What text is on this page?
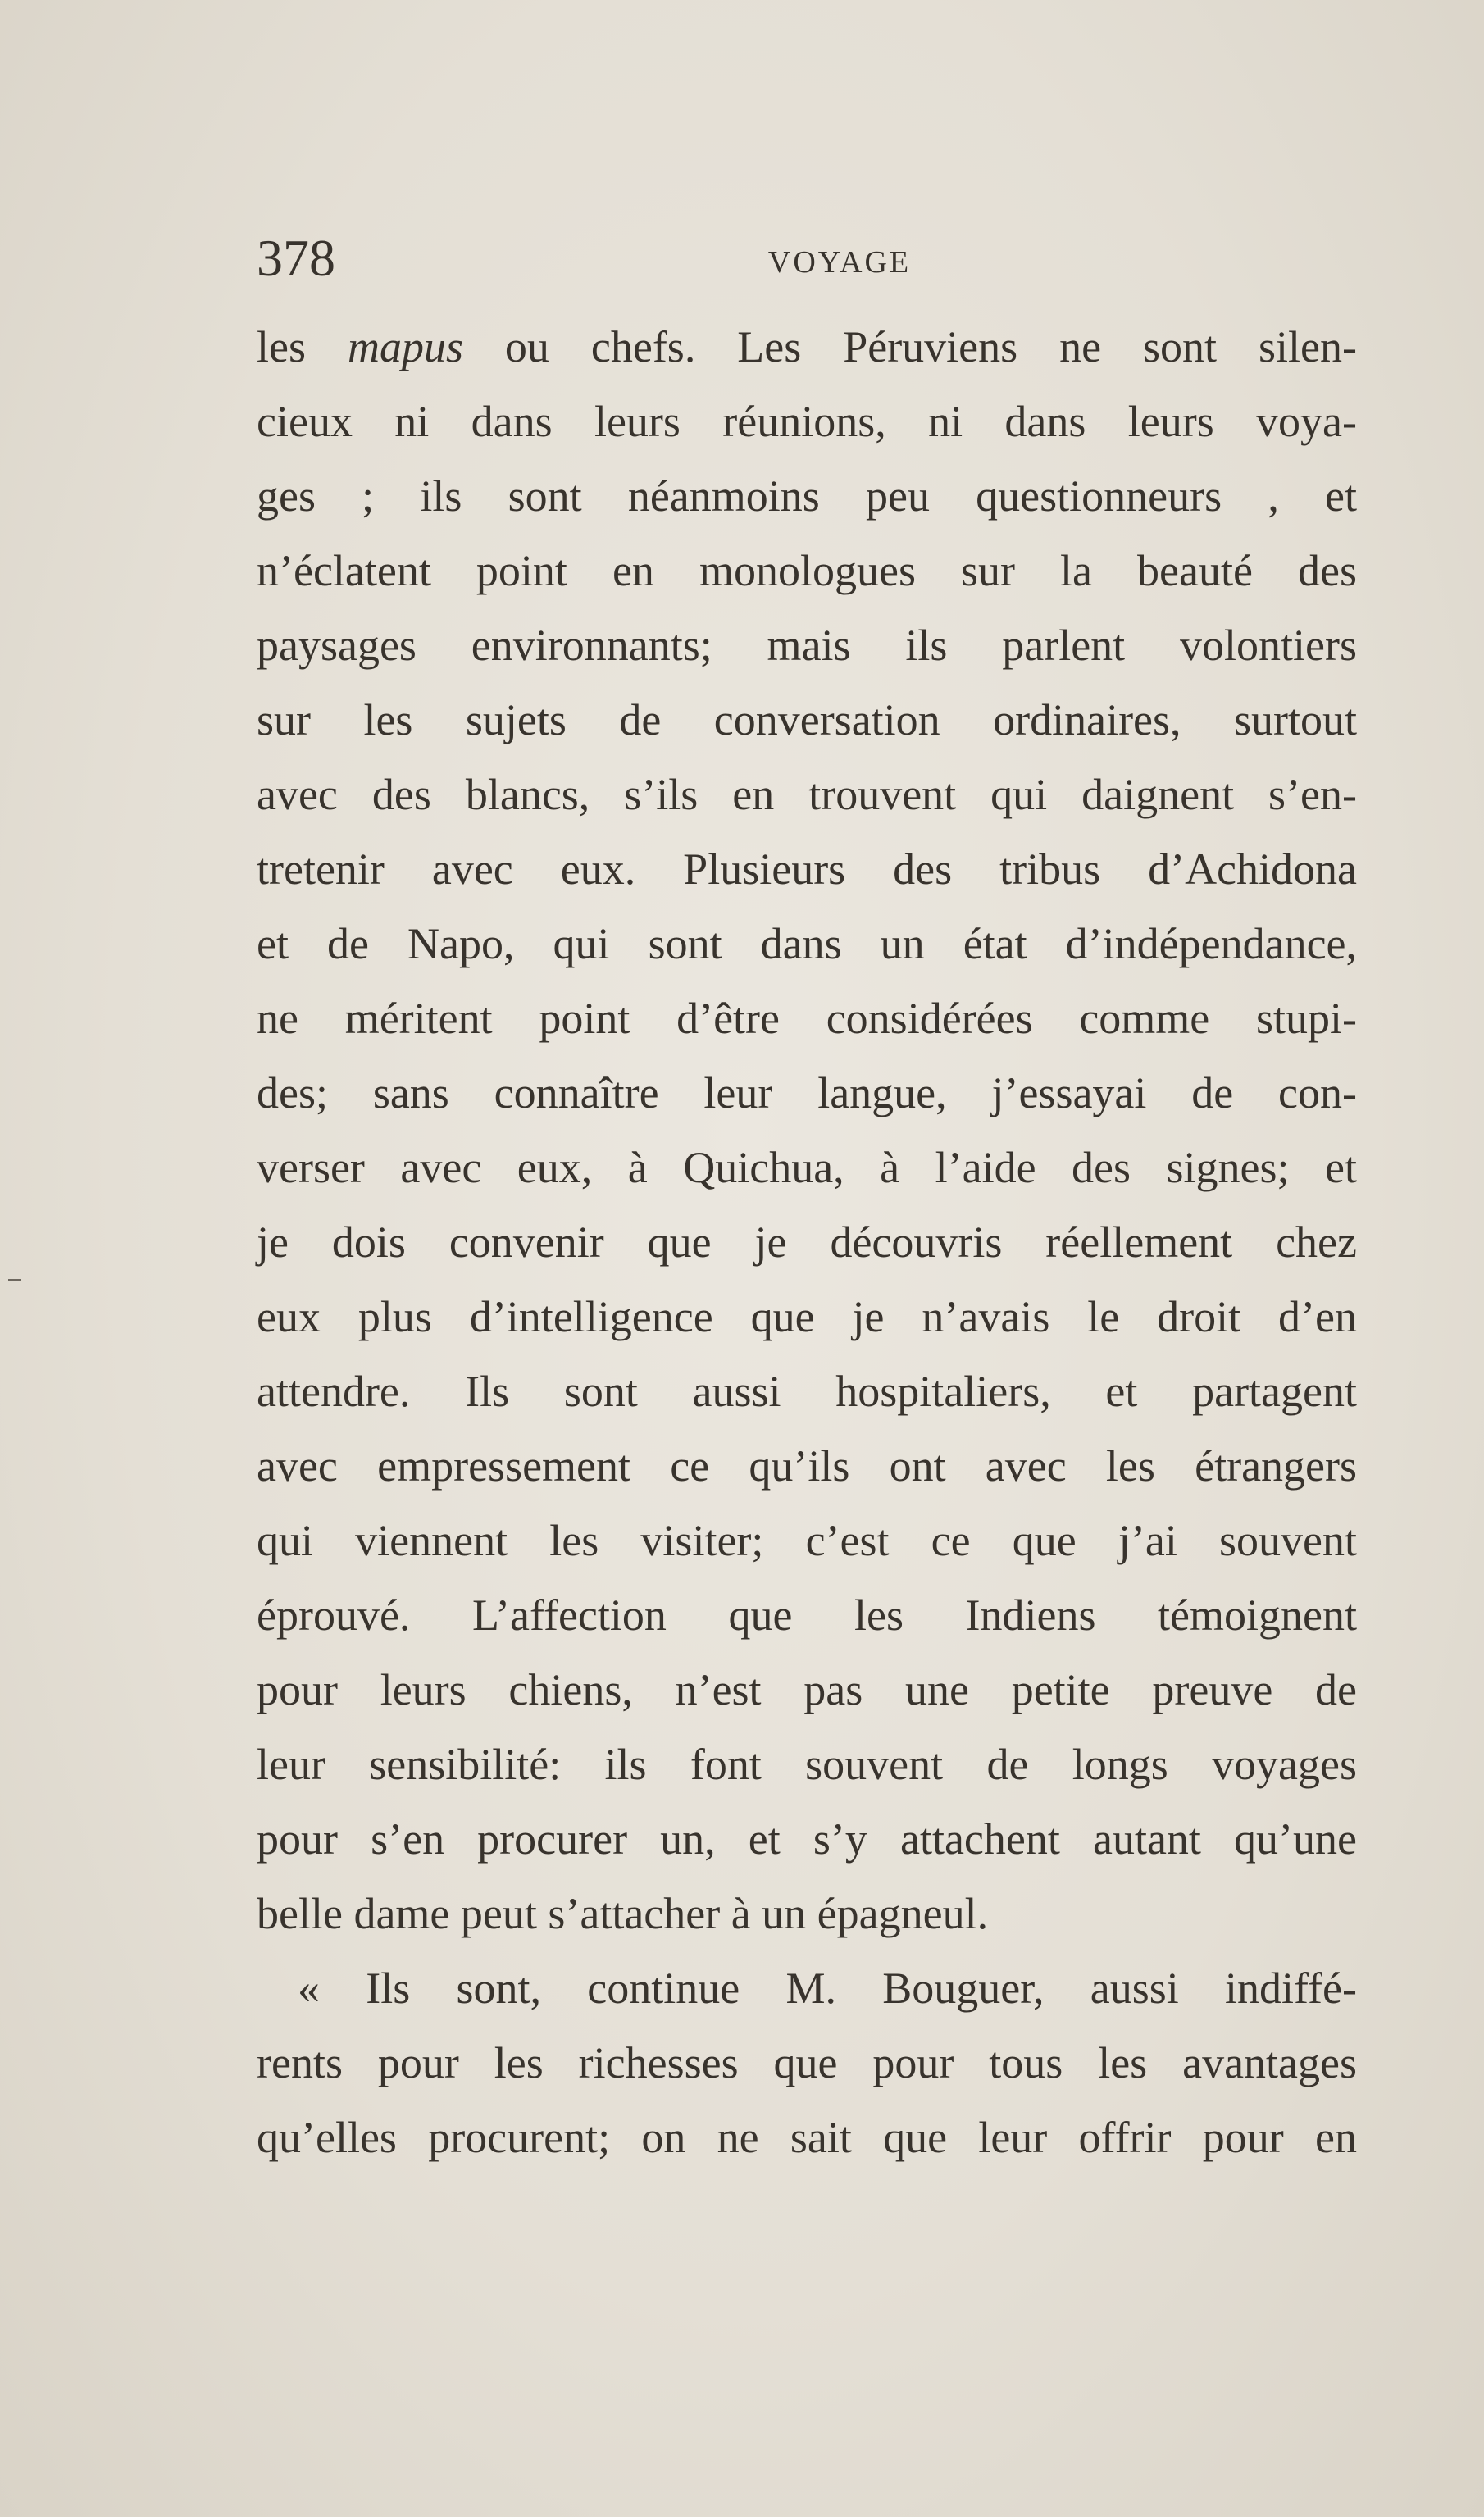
378	VOYAGE
les mapus ou chefs. Les Péruviens ne sont silen-
cieux ni dans leurs réunions, ni dans leurs voya-
ges ; ils sont néanmoins peu questionneurs , et
n’éclatent point en monologues sur la beauté des
paysages environnants; mais ils parlent volontiers
sur les sujets de conversation ordinaires, surtout
avec des blancs, s’ils en trouvent qui daignent s’en-
tretenir avec eux. Plusieurs des tribus d’Achidona
et de Napo, qui sont dans un état d’indépendance,
ne méritent point d’être considérées comme stupi-
des; sans connaître leur langue, j’essayai de con-
verser avec eux, à Quichua, à l’aide des signes; et
je dois convenir que je découvris réellement chez
eux plus d’intelligence que je n’avais le droit d’en
attendre. Ils sont aussi hospitaliers, et partagent
avec empressement ce qu’ils ont avec les étrangers
qui viennent les visiter; c’est ce que j’ai souvent
éprouvé. L’affection que les Indiens témoignent
pour leurs chiens, n’est pas une petite preuve de
leur sensibilité: ils font souvent de longs voyages
pour s’en procurer un, et s’y attachent autant qu’une
belle dame peut s’attacher à un épagneul.
« Ils sont, continue M. Bouguer, aussi indiffé-
rents pour les richesses que pour tous les avantages
qu’elles procurent; on ne sait que leur offrir pour en
